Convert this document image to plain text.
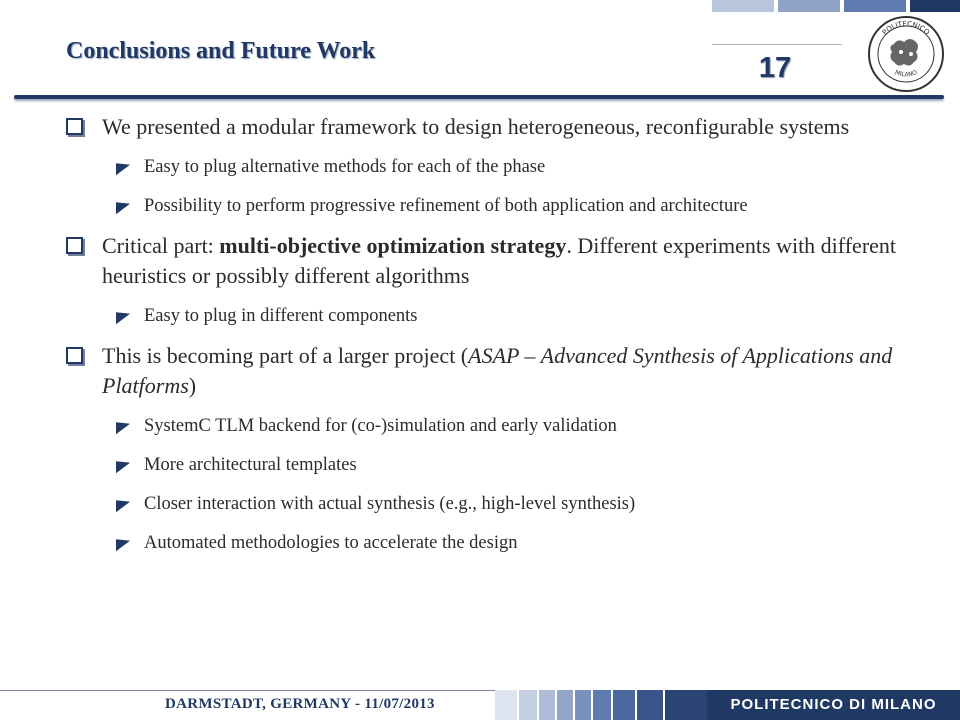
Conclusions and Future Work
17
POLITECNICO
MILANO
We presented a modular framework to design heterogeneous, reconfigurable systems
Easy to plug alternative methods for each of the phase
Possibility to perform progressive refinement of both application and architecture
Critical part: multi-objective optimization strategy. Different experiments with different heuristics or possibly different algorithms
Easy to plug in different components
This is becoming part of a larger project (ASAP – Advanced Synthesis of Applications and Platforms)
SystemC TLM backend for (co-)simulation and early validation
More architectural templates
Closer interaction with actual synthesis (e.g., high-level synthesis)
Automated methodologies to accelerate the design
DARMSTADT, GERMANY - 11/07/2013	POLITECNICO DI MILANO
